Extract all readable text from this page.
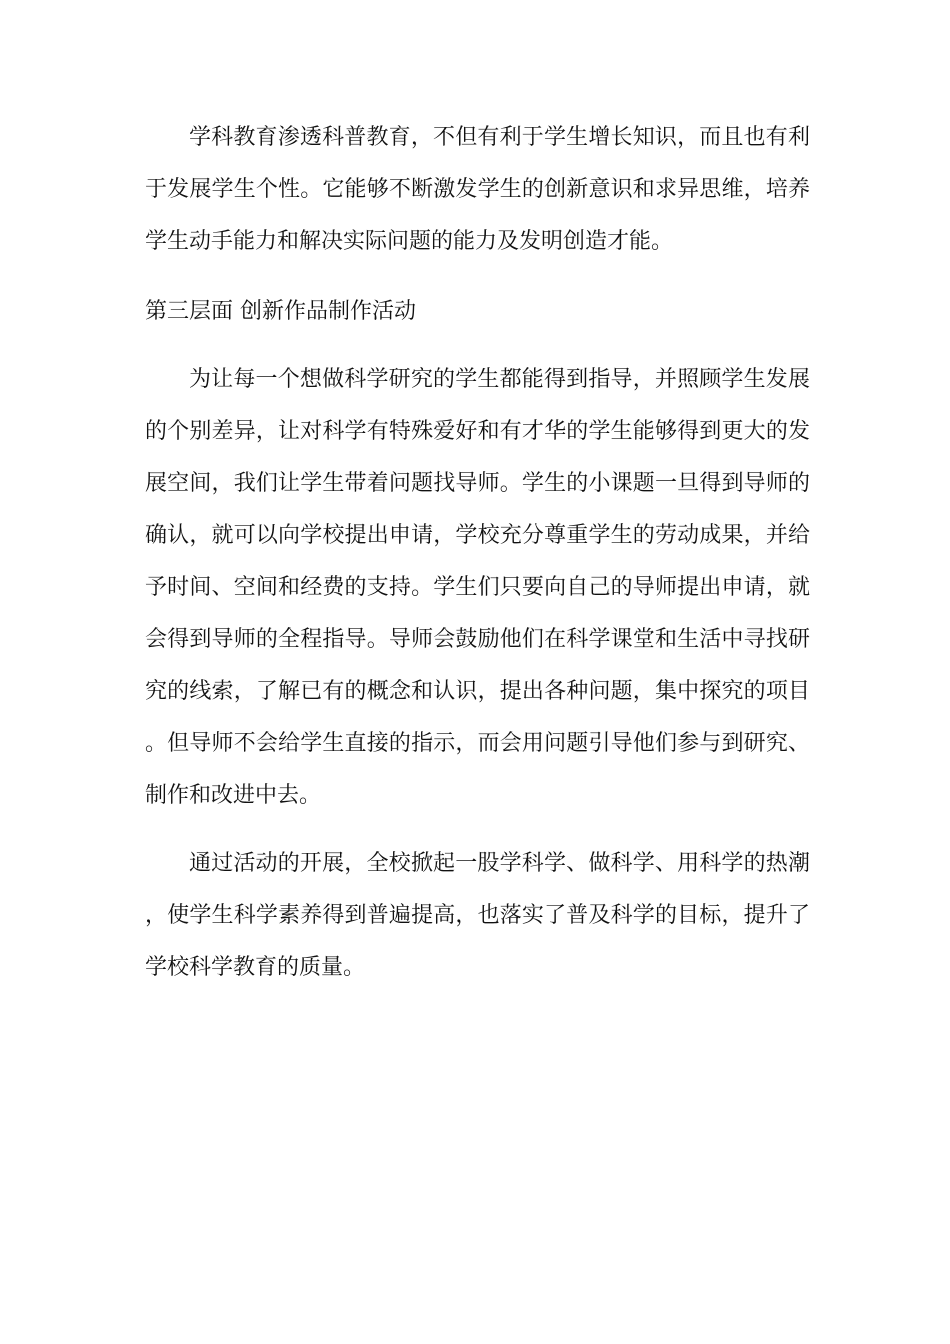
学科教育渗透科普教育，不但有利于学生增长知识，而且也有利于发展学生个性。它能够不断激发学生的创新意识和求异思维，培养学生动手能力和解决实际问题的能力及发明创造才能。

第三层面 创新作品制作活动

为让每一个想做科学研究的学生都能得到指导，并照顾学生发展的个别差异，让对科学有特殊爱好和有才华的学生能够得到更大的发展空间，我们让学生带着问题找导师。学生的小课题一旦得到导师的确认，就可以向学校提出申请，学校充分尊重学生的劳动成果，并给予时间、空间和经费的支持。学生们只要向自己的导师提出申请，就会得到导师的全程指导。导师会鼓励他们在科学课堂和生活中寻找研究的线索，了解已有的概念和认识，提出各种问题，集中探究的项目。但导师不会给学生直接的指示，而会用问题引导他们参与到研究、制作和改进中去。

通过活动的开展，全校掀起一股学科学、做科学、用科学的热潮，使学生科学素养得到普遍提高，也落实了普及科学的目标，提升了学校科学教育的质量。
